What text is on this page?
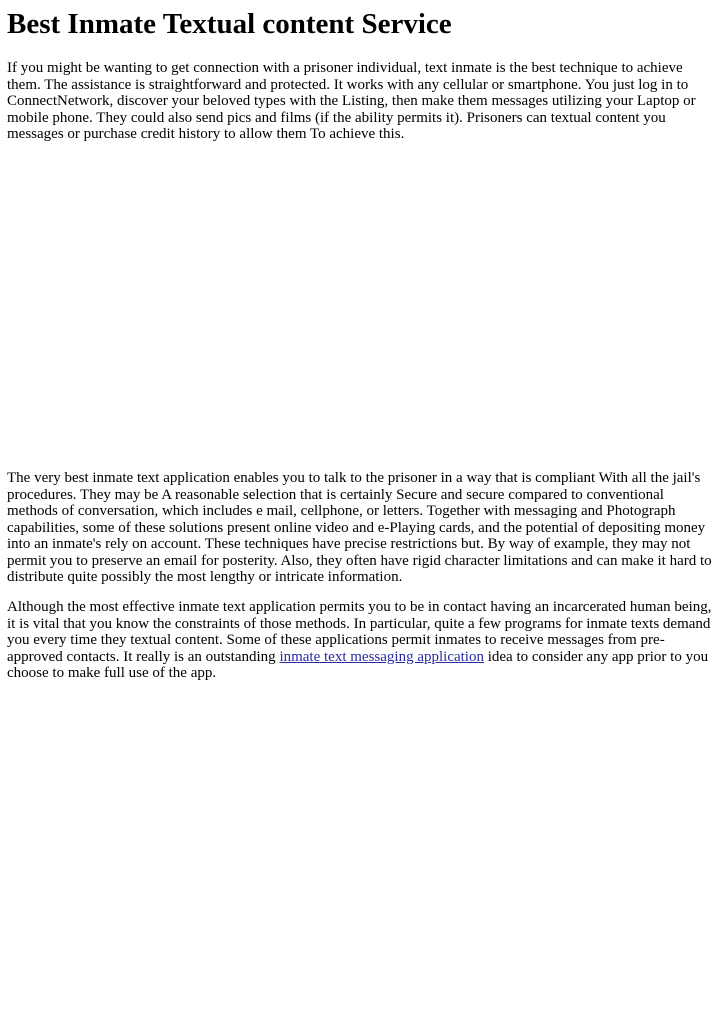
Best Inmate Textual content Service

If you might be wanting to get connection with a prisoner individual, text inmate is the best technique to achieve them. The assistance is straightforward and protected. It works with any cellular or smartphone. You just log in to ConnectNetwork, discover your beloved types with the Listing, then make them messages utilizing your Laptop or mobile phone. They could also send pics and films (if the ability permits it). Prisoners can textual content you messages or purchase credit history to allow them To achieve this.

The very best inmate text application enables you to talk to the prisoner in a way that is compliant With all the jail's procedures. They may be A reasonable selection that is certainly Secure and secure compared to conventional methods of conversation, which includes e mail, cellphone, or letters. Together with messaging and Photograph capabilities, some of these solutions present online video and e-Playing cards, and the potential of depositing money into an inmate's rely on account. These techniques have precise restrictions but. By way of example, they may not permit you to preserve an email for posterity. Also, they often have rigid character limitations and can make it hard to distribute quite possibly the most lengthy or intricate information.

Although the most effective inmate text application permits you to be in contact having an incarcerated human being, it is vital that you know the constraints of those methods. In particular, quite a few programs for inmate texts demand you every time they textual content. Some of these applications permit inmates to receive messages from pre-approved contacts. It really is an outstanding inmate text messaging application idea to consider any app prior to you choose to make full use of the app.
